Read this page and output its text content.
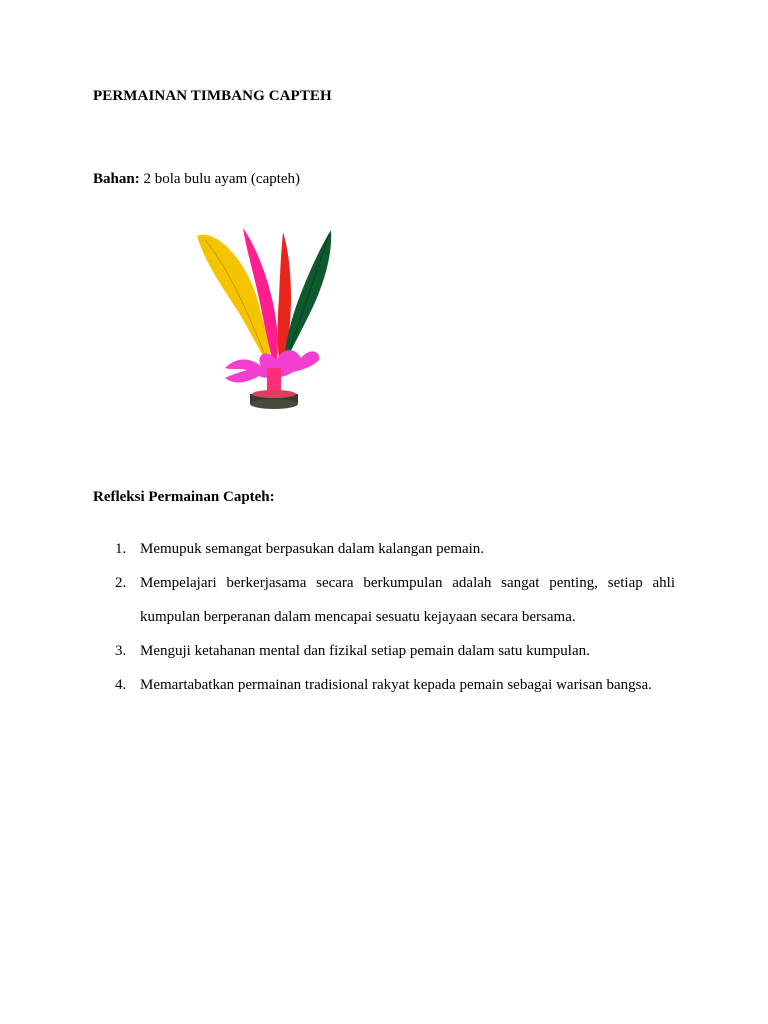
PERMAINAN TIMBANG CAPTEH
Bahan: 2 bola bulu ayam (capteh)
Refleksi Permainan Capteh:
1. Memupuk semangat berpasukan dalam kalangan pemain.
2. Mempelajari berkerjasama secara berkumpulan adalah sangat penting, setiap ahli kumpulan berperanan dalam mencapai sesuatu kejayaan secara bersama.
3. Menguji ketahanan mental dan fizikal setiap pemain dalam satu kumpulan.
4. Memartabatkan permainan tradisional rakyat kepada pemain sebagai warisan bangsa.
